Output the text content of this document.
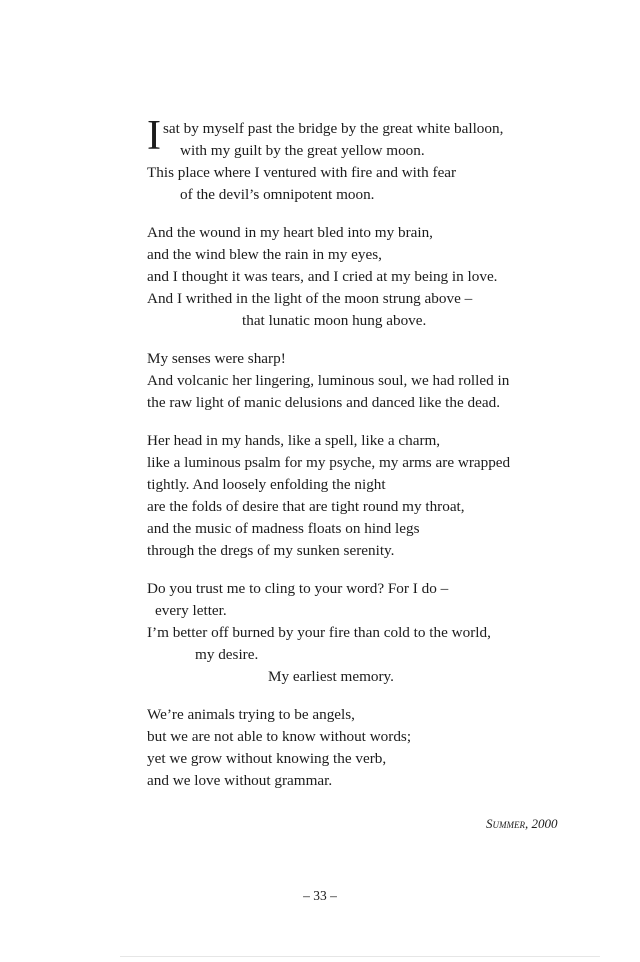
I sat by myself past the bridge by the great white balloon,
with my guilt by the great yellow moon.
This place where I ventured with fire and with fear
of the devil’s omnipotent moon.
And the wound in my heart bled into my brain,
and the wind blew the rain in my eyes,
and I thought it was tears, and I cried at my being in love.
And I writhed in the light of the moon strung above –
that lunatic moon hung above.
My senses were sharp!
And volcanic her lingering, luminous soul, we had rolled in
the raw light of manic delusions and danced like the dead.
Her head in my hands, like a spell, like a charm,
like a luminous psalm for my psyche, my arms are wrapped
tightly. And loosely enfolding the night
are the folds of desire that are tight round my throat,
and the music of madness floats on hind legs
through the dregs of my sunken serenity.
Do you trust me to cling to your word? For I do –
every letter.
I’m better off burned by your fire than cold to the world,
my desire.
My earliest memory.
We’re animals trying to be angels,
but we are not able to know without words;
yet we grow without knowing the verb,
and we love without grammar.
Summer, 2000
– 33 –
